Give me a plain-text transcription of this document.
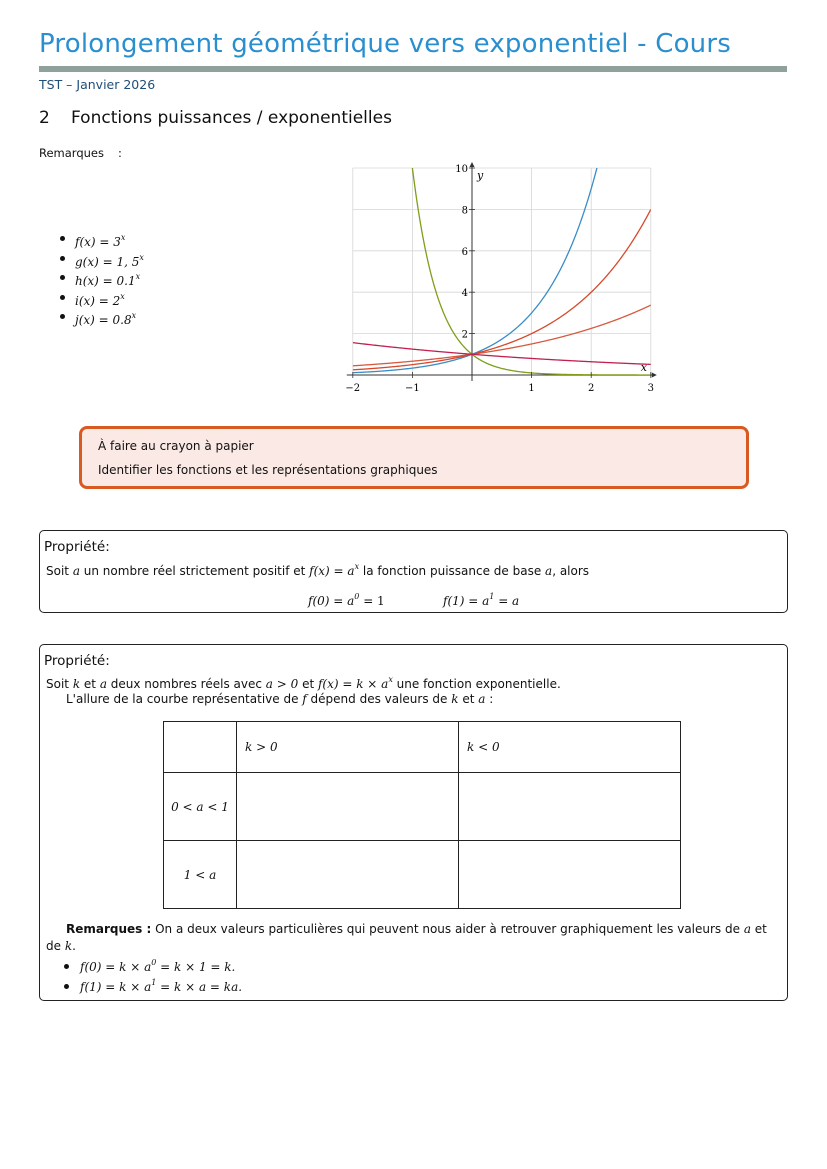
Prolongement géométrique vers exponentiel - Cours
TST – Janvier 2026
2 Fonctions puissances / exponentielles
Remarques :
$f(x) = 3^x$
g(x) = 1, 5$^x$
$h(x) = 0.1^x$
$i(x) = 2^x$
$j(x) = 0.8^x$
−2	−1	1	2	3
2
4
6
8
10
x
y
À faire au crayon à papier
Identifier les fonctions et les représentations graphiques
Propriété:
Soit a un nombre réel strictement positif et $f(x) = a^x$ la fonction puissance de base a, alors
$f(0) = a^0 = 1$	$f(1) = a^1 = a$
Propriété:
Soit k et a deux nombres réels avec a > 0 et $f(x) = k \times a^x$ une fonction exponentielle.
L'allure de la courbe représentative de f dépend des valeurs de k et a :
	k > 0	k < 0
0 < a < 1		
1 < a		
Remarques : On a deux valeurs particulières qui peuvent nous aider à retrouver graphiquement les valeurs de a et
de k.
$f(0) = k \times a^0 = k \times 1 = k$.
$f(1) = k \times a^1 = k \times a$ = ka.
